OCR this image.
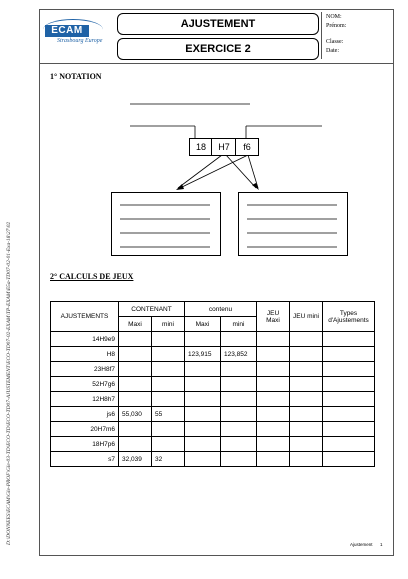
D:\DONNEES\ECAM\Gle-PROF\Gle-03-TD\ECO-TD\ECO-TD07-AJUSTEMENT\ECO-TD07-02-EXAM\TP-EXAM\E5a-TD07-02-01-Exa-18\27\02
ECAM
Strasbourg Europe
AJUSTEMENT
EXERCICE 2
NOM:
Prénom:
Classe:
Date:
1° NOTATION
18	H7	f6
2° CALCULS DE JEUX
AJUSTEMENTS	CONTENANT		contenu		JEU Maxi	JEU mini	Types d'Ajustements
	Maxi	mini	Maxi	mini			
14H9e9							
H8			123,915	123,852			
23H8f7							
52H7g6							
12H8h7							
js6	55,030	55					
20H7m6							
18H7p6							
s7	32,039	32					
Ajustement 1
